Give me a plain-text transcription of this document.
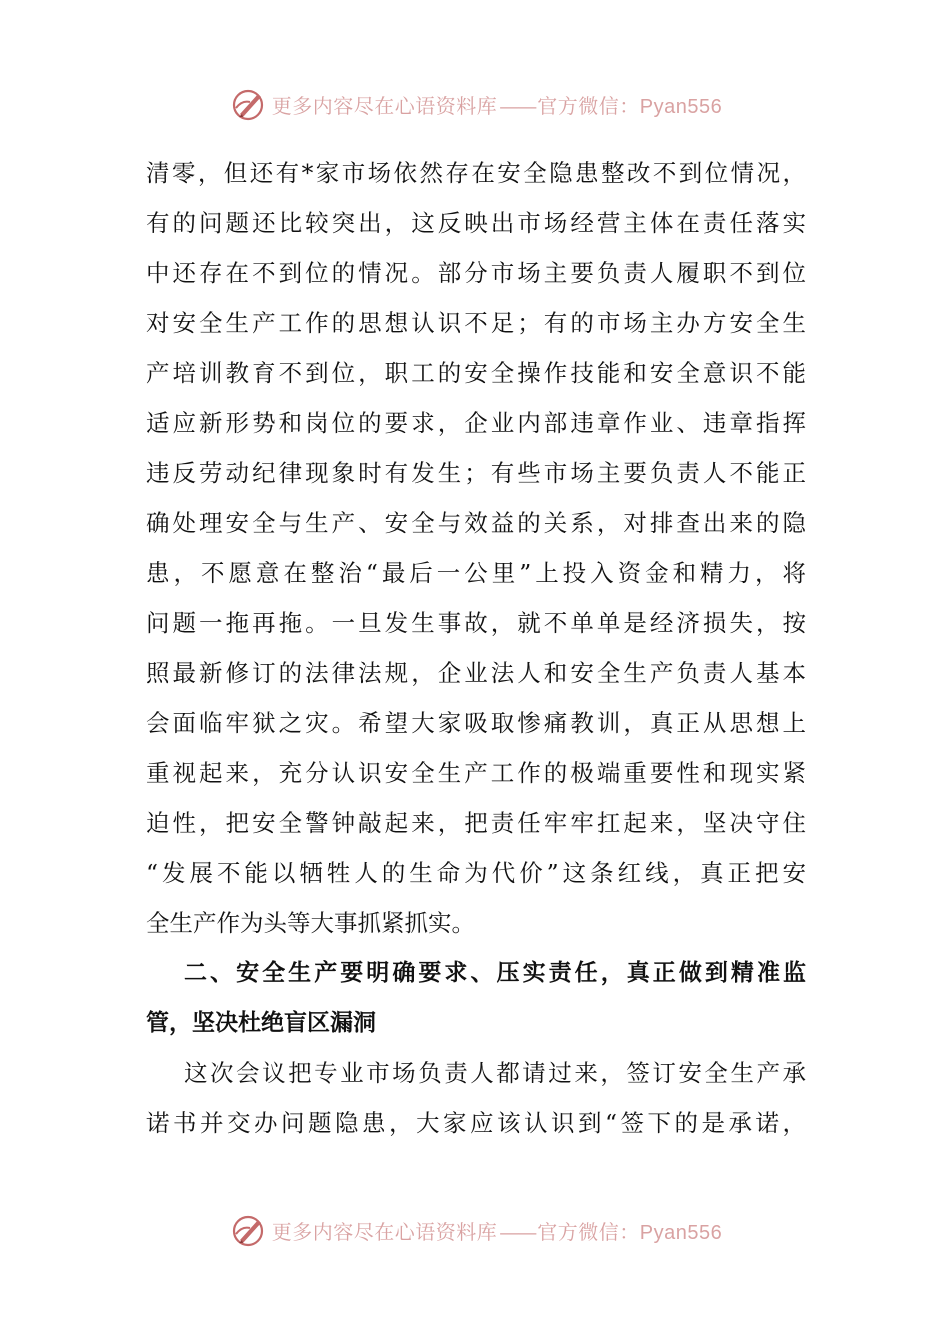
更多内容尽在心语资料库 —— 官方微信：Pyan556
清零，但还有*家市场依然存在安全隐患整改不到位情况，
有的问题还比较突出，这反映出市场经营主体在责任落实
中还存在不到位的情况。部分市场主要负责人履职不到位
对安全生产工作的思想认识不足；有的市场主办方安全生
产培训教育不到位，职工的安全操作技能和安全意识不能
适应新形势和岗位的要求，企业内部违章作业、违章指挥
违反劳动纪律现象时有发生；有些市场主要负责人不能正
确处理安全与生产、安全与效益的关系，对排查出来的隐
患，不愿意在整治“最后一公里”上投入资金和精力，将
问题一拖再拖。一旦发生事故，就不单单是经济损失，按
照最新修订的法律法规，企业法人和安全生产负责人基本
会面临牢狱之灾。希望大家吸取惨痛教训，真正从思想上
重视起来，充分认识安全生产工作的极端重要性和现实紧
迫性，把安全警钟敲起来，把责任牢牢扛起来，坚决守住
“发展不能以牺牲人的生命为代价”这条红线，真正把安
全生产作为头等大事抓紧抓实。
二、安全生产要明确要求、压实责任，真正做到精准监
管，坚决杜绝盲区漏洞
这次会议把专业市场负责人都请过来，签订安全生产承
诺书并交办问题隐患，大家应该认识到“签下的是承诺，
更多内容尽在心语资料库 —— 官方微信：Pyan556
